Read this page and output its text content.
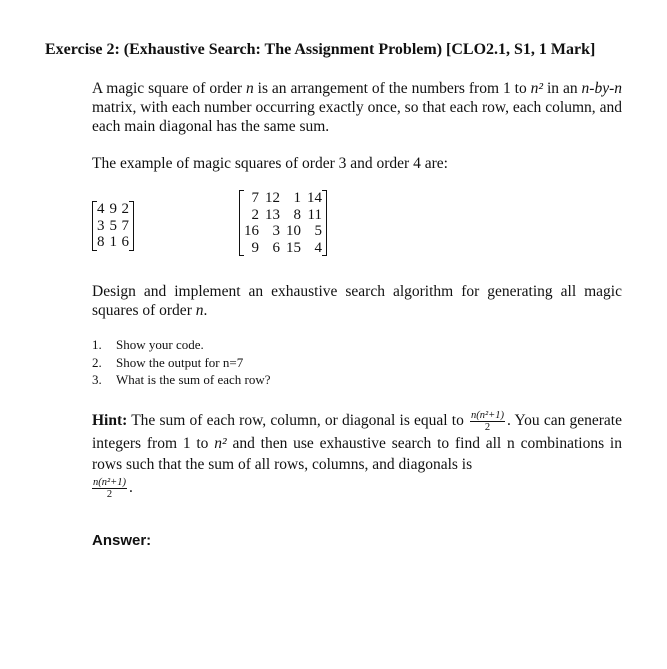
Exercise 2: (Exhaustive Search: The Assignment Problem) [CLO2.1, S1, 1 Mark]
A magic square of order n is an arrangement of the numbers from 1 to n² in an n-by-n matrix, with each number occurring exactly once, so that each row, each column, and each main diagonal has the same sum.
The example of magic squares of order 3 and order 4 are:
4 9 2
3 5 7
8 1 6
7 12 1 14
2 13 8 11
16 3 10 5
9 6 15 4
Design and implement an exhaustive search algorithm for generating all magic squares of order n.
1.	Show your code.
2.	Show the output for n=7
3.	What is the sum of each row?
Hint: The sum of each row, column, or diagonal is equal to $\frac{\text{n(n²+1)}}{2}$ . You can generate integers from 1 to n² and then use exhaustive search to find all n combinations in rows such that the sum of all rows, columns, and diagonals is
$\frac{\text{n(n²+1)}}{2}$ .
Answer:
